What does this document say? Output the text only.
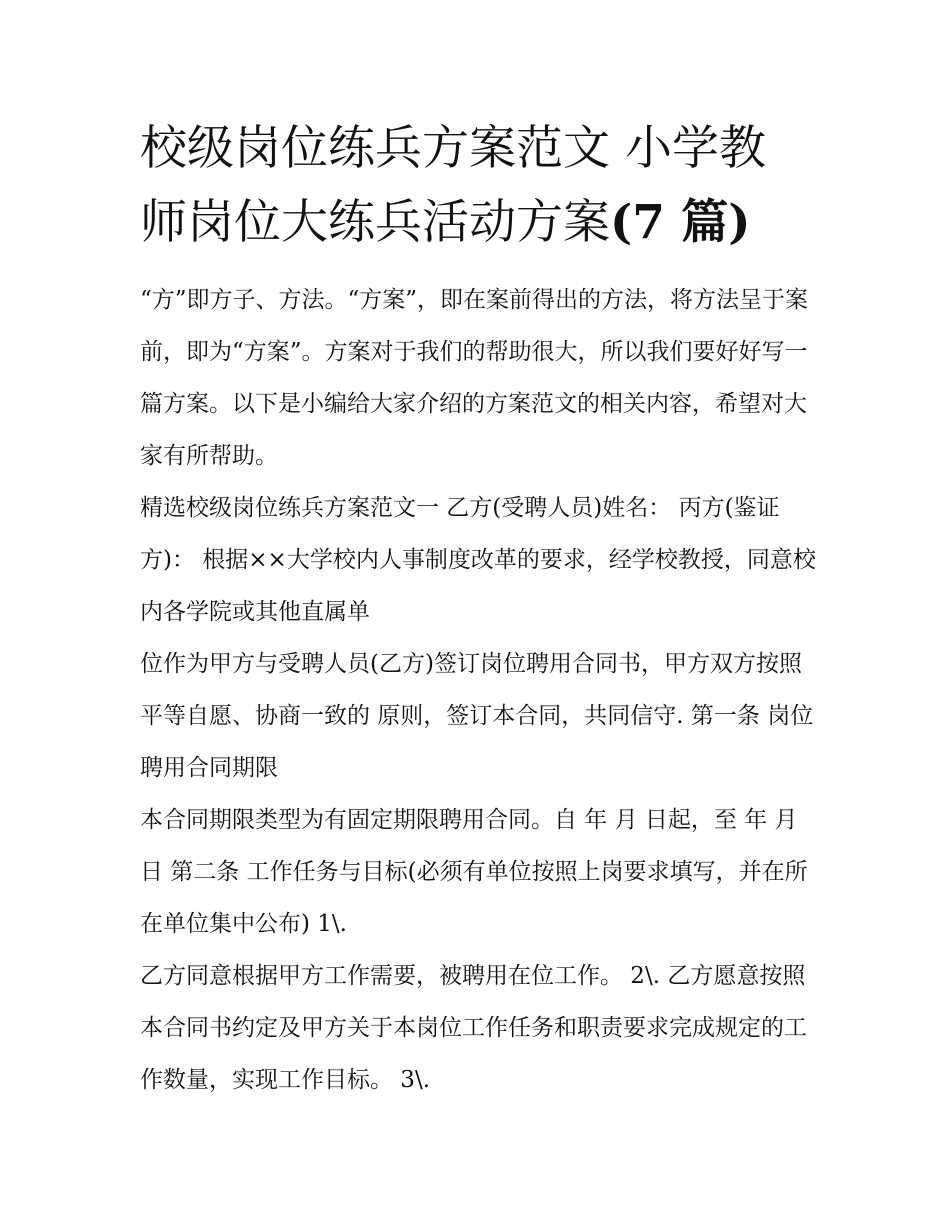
校级岗位练兵方案范文 小学教
师岗位大练兵活动方案(7 篇)

“方”即方子、方法。“方案”，即在案前得出的方法，将方法呈于案前，即为“方案”。方案对于我们的帮助很大，所以我们要好好写一篇方案。以下是小编给大家介绍的方案范文的相关内容，希望对大家有所帮助。

精选校级岗位练兵方案范文一 乙方(受聘人员)姓名： 丙方(鉴证方)： 根据××大学校内人事制度改革的要求，经学校教授，同意校内各学院或其他直属单

位作为甲方与受聘人员(乙方)签订岗位聘用合同书，甲方双方按照平等自愿、协商一致的 原则，签订本合同，共同信守. 第一条 岗位聘用合同期限

本合同期限类型为有固定期限聘用合同。自 年 月 日起，至 年 月 日 第二条 工作任务与目标(必须有单位按照上岗要求填写，并在所在单位集中公布) 1\.

乙方同意根据甲方工作需要，被聘用在位工作。 2\. 乙方愿意按照本合同书约定及甲方关于本岗位工作任务和职责要求完成规定的工作数量，实现工作目标。 3\.
